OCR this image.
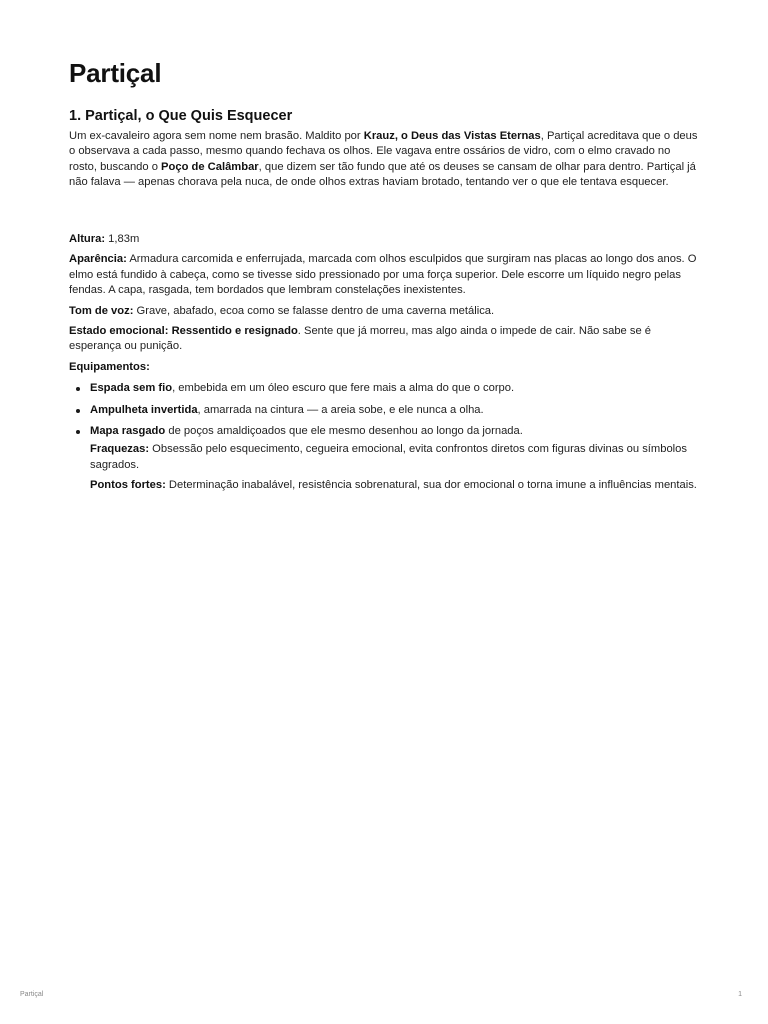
Partiçal
1. Partiçal, o Que Quis Esquecer
Um ex-cavaleiro agora sem nome nem brasão. Maldito por Krauz, o Deus das Vistas Eternas, Partiçal acreditava que o deus o observava a cada passo, mesmo quando fechava os olhos. Ele vagava entre ossários de vidro, com o elmo cravado no rosto, buscando o Poço de Calâmbar, que dizem ser tão fundo que até os deuses se cansam de olhar para dentro. Partiçal já não falava — apenas chorava pela nuca, de onde olhos extras haviam brotado, tentando ver o que ele tentava esquecer.

Altura: 1,83m

Aparência: Armadura carcomida e enferrujada, marcada com olhos esculpidos que surgiram nas placas ao longo dos anos. O elmo está fundido à cabeça, como se tivesse sido pressionado por uma força superior. Dele escorre um líquido negro pelas fendas. A capa, rasgada, tem bordados que lembram constelações inexistentes.

Tom de voz: Grave, abafado, ecoa como se falasse dentro de uma caverna metálica.

Estado emocional: Ressentido e resignado. Sente que já morreu, mas algo ainda o impede de cair. Não sabe se é esperança ou punição.

Equipamentos:

Espada sem fio, embebida em um óleo escuro que fere mais a alma do que o corpo.
Ampulheta invertida, amarrada na cintura — a areia sobe, e ele nunca a olha.
Mapa rasgado de poços amaldiçoados que ele mesmo desenhou ao longo da jornada.

Fraquezas: Obsessão pelo esquecimento, cegueira emocional, evita confrontos diretos com figuras divinas ou símbolos sagrados.

Pontos fortes: Determinação inabalável, resistência sobrenatural, sua dor emocional o torna imune a influências mentais.

Partiçal	1
